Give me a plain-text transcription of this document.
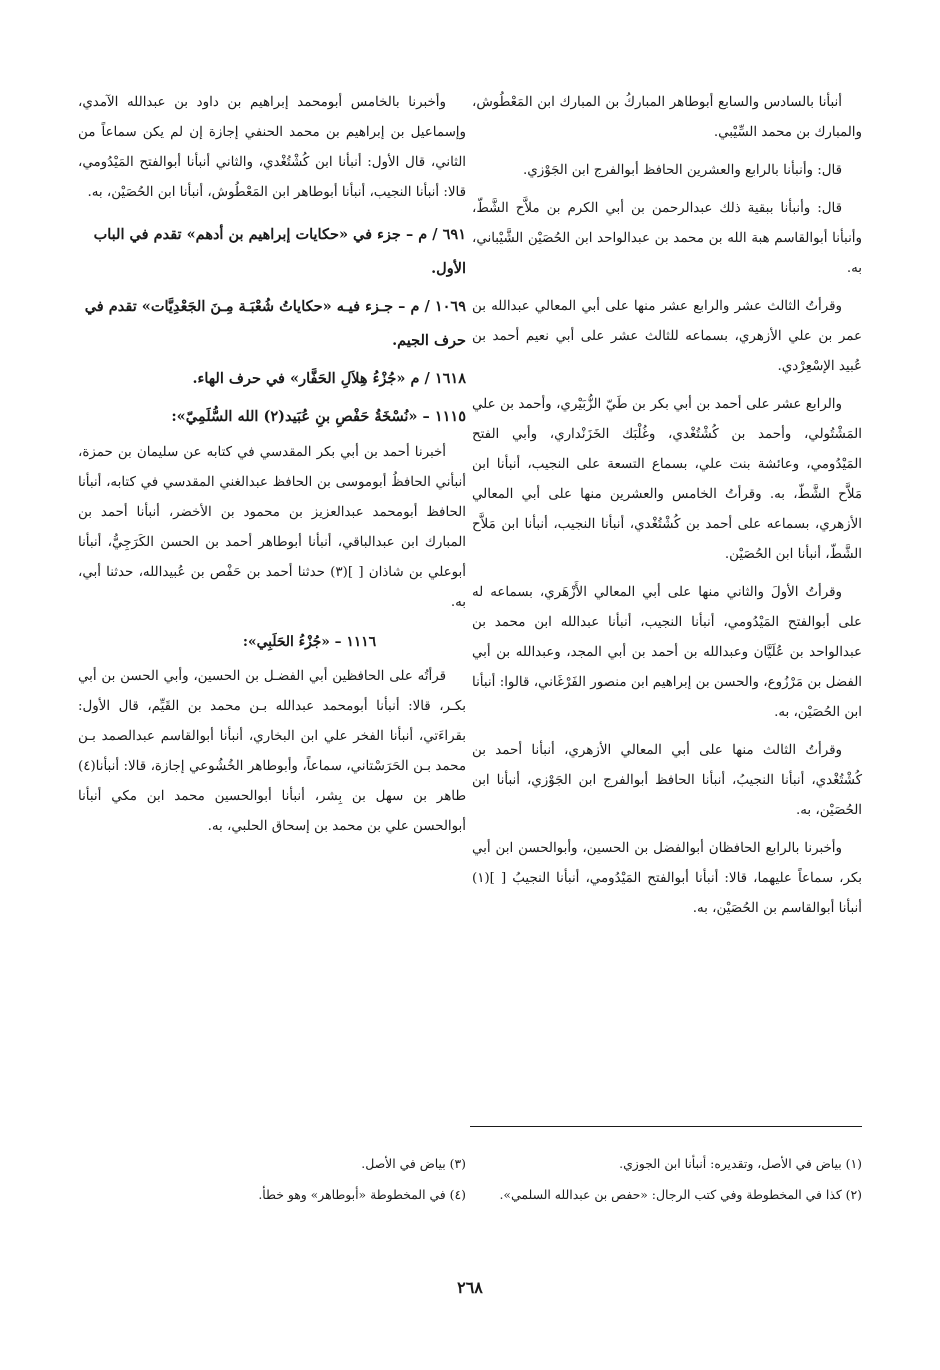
أنبأنا بالسادس والسابع أبوطاهر المباركُ بن المبارك ابن المَعْطُوش، والمبارك بن محمد السِّيْبي.

قال: وأنبأنا بالرابع والعشرين الحافظ أبوالفرج ابن الجَوْزي.

قال: وأنبأنا ببقية ذلك عبدالرحمن بن أبي الكرم بن ملاَّح الشَّطّ، وأنبأنا أبوالقاسم هبة الله بن محمد بن عبدالواحد ابن الحُصَيْن الشَّيْباني، به.

وقرأتُ الثالث عشر والرابع عشر منها على أبي المعالي عبدالله بن عمر بن علي الأزهري، بسماعه للثالث عشر على أبي نعيم أحمد بن عُبيد الإسْعِرْدي.

والرابع عشر على أحمد بن أبي بكر بن طَيّ الزُّبَيْري، وأحمد بن علي المَشْتُولي، وأحمد بن كُشْتُغْدي، وغُلْبَك الخَزَنْداري، وأبي الفتح المَيْدُومي، وعائشة بنت علي، بسماع التسعة على النجيب، أنبأنا ابن مَلاَّح الشَّطّ، به. وقرأتُ الخامس والعشرين منها على أبي المعالي الأزهري، بسماعه على أحمد بن كُشْتُغْدي، أنبأنا النجيب، أنبأنا ابن مَلاَّح الشَّطّ، أنبأنا ابن الحُصَيْن.

وقرأتُ الأولَ والثاني منها على أبي المعالي الأَزْهَري، بسماعه له على أبوالفتح المَيْدُومي، أنبأنا النجيب، أنبأنا عبدالله ابن محمد بن عبدالواحد بن عُلَيَّان وعبدالله بن أحمد بن أبي المجد، وعبدالله بن أبي الفضل بن مَرْزُوع، والحسن بن إبراهيم ابن منصور الفَرْغَاني، قالوا: أنبأنا ابن الحُصَيْن، به.

وقرأتُ الثالث منها على أبي المعالي الأزهري، أنبأنا أحمد بن كُشْتُغْدي، أنبأنا النجيبُ، أنبأنا الحافظ أبوالفرج ابن الجَوْزي، أنبأنا ابن الحُصَيْن، به.

وأخبرنا بالرابع الحافظان أبوالفضل بن الحسين، وأبوالحسن ابن أبي بكر، سماعاً عليهما، قالا: أنبأنا أبوالفتح المَيْدُومي، أنبأنا النجيبُ [ ](١) أنبأنا أبوالقاسم بن الحُصَيْن، به.

وأخبرنا بالخامس أبومحمد إبراهيم بن داود بن عبدالله الآمدي، وإسماعيل بن إبراهيم بن محمد الحنفي إجازة إن لم يكن سماعاً من الثاني، قال الأول: أنبأنا ابن كُشْتُغْدي، والثاني أنبأنا أبوالفتح المَيْدُومي، قالا: أنبأنا النجيب، أنبأنا أبوطاهر ابن المَعْطُوش، أنبأنا ابن الحُصَيْن، به.

٦٩١ / م – جزء في «حكايات إبراهيم بن أدهم» تقدم في الباب الأول.

١٠٦٩ / م – جـزء فيـه «حكاياتُ شُعْبَـة مِـنَ الجَعْدِيَّات» تقدم في حرف الجيم.

١٦١٨ / م «جُزْءُ هِلاَلِ الحَفَّار» في حرف الهاء.

١١١٥ – «نُسْخَةُ حَفْصِ بنِ عُبَيد(٢) الله السُّلَمِيّ»:

أخبرنا أحمد بن أبي بكر المقدسي في كتابه عن سليمان بن حمزة، أنبأني الحافظُ أبوموسى بن الحافظ عبدالغني المقدسي في كتابه، أنبأنا الحافظ أبومحمد عبدالعزيز بن محمود بن الأخضر، أنبأنا أحمد بن المبارك ابن عبدالباقي، أنبأنا أبوطاهر أحمد بن الحسن الكَرَجِيُّ، أنبأنا أبوعلي بن شاذان [ ](٣) حدثنا أحمد بن حَفْص بن عُبيدالله، حدثنا أبي، به.

١١١٦ – «جُزْءُ الحَلَبِي»:

قرأتُه على الحافظين أبي الفضـل بن الحسين، وأبي الحسن بن أبي بكـر، قالا: أنبأنا أبومحمد عبدالله بـن محمد بن القَيِّم، قال الأول: بقراءَتي، أنبأنا الفخر علي ابن البخاري، أنبأنا أبوالقاسم عبدالصمد بـن محمد بـن الحَرَسْتاني، سماعاً، وأبوطاهر الخُشُوعي إجازة، قالا: أنبأنا(٤) طاهر بن سهل بن بِشر، أنبأنا أبوالحسين محمد ابن مكي أنبأنا أبوالحسن علي بن محمد بن إسحاق الحلبي، به.

(١) بياض في الأصل، وتقديره: أنبأنا ابن الجوزي.

(٢) كذا في المخطوطة وفي كتب الرجال: «حفص بن عبدالله السلمي».

(٣) بياض في الأصل.

(٤) في المخطوطة «أبوطاهر» وهو خطأ.

٢٦٨
